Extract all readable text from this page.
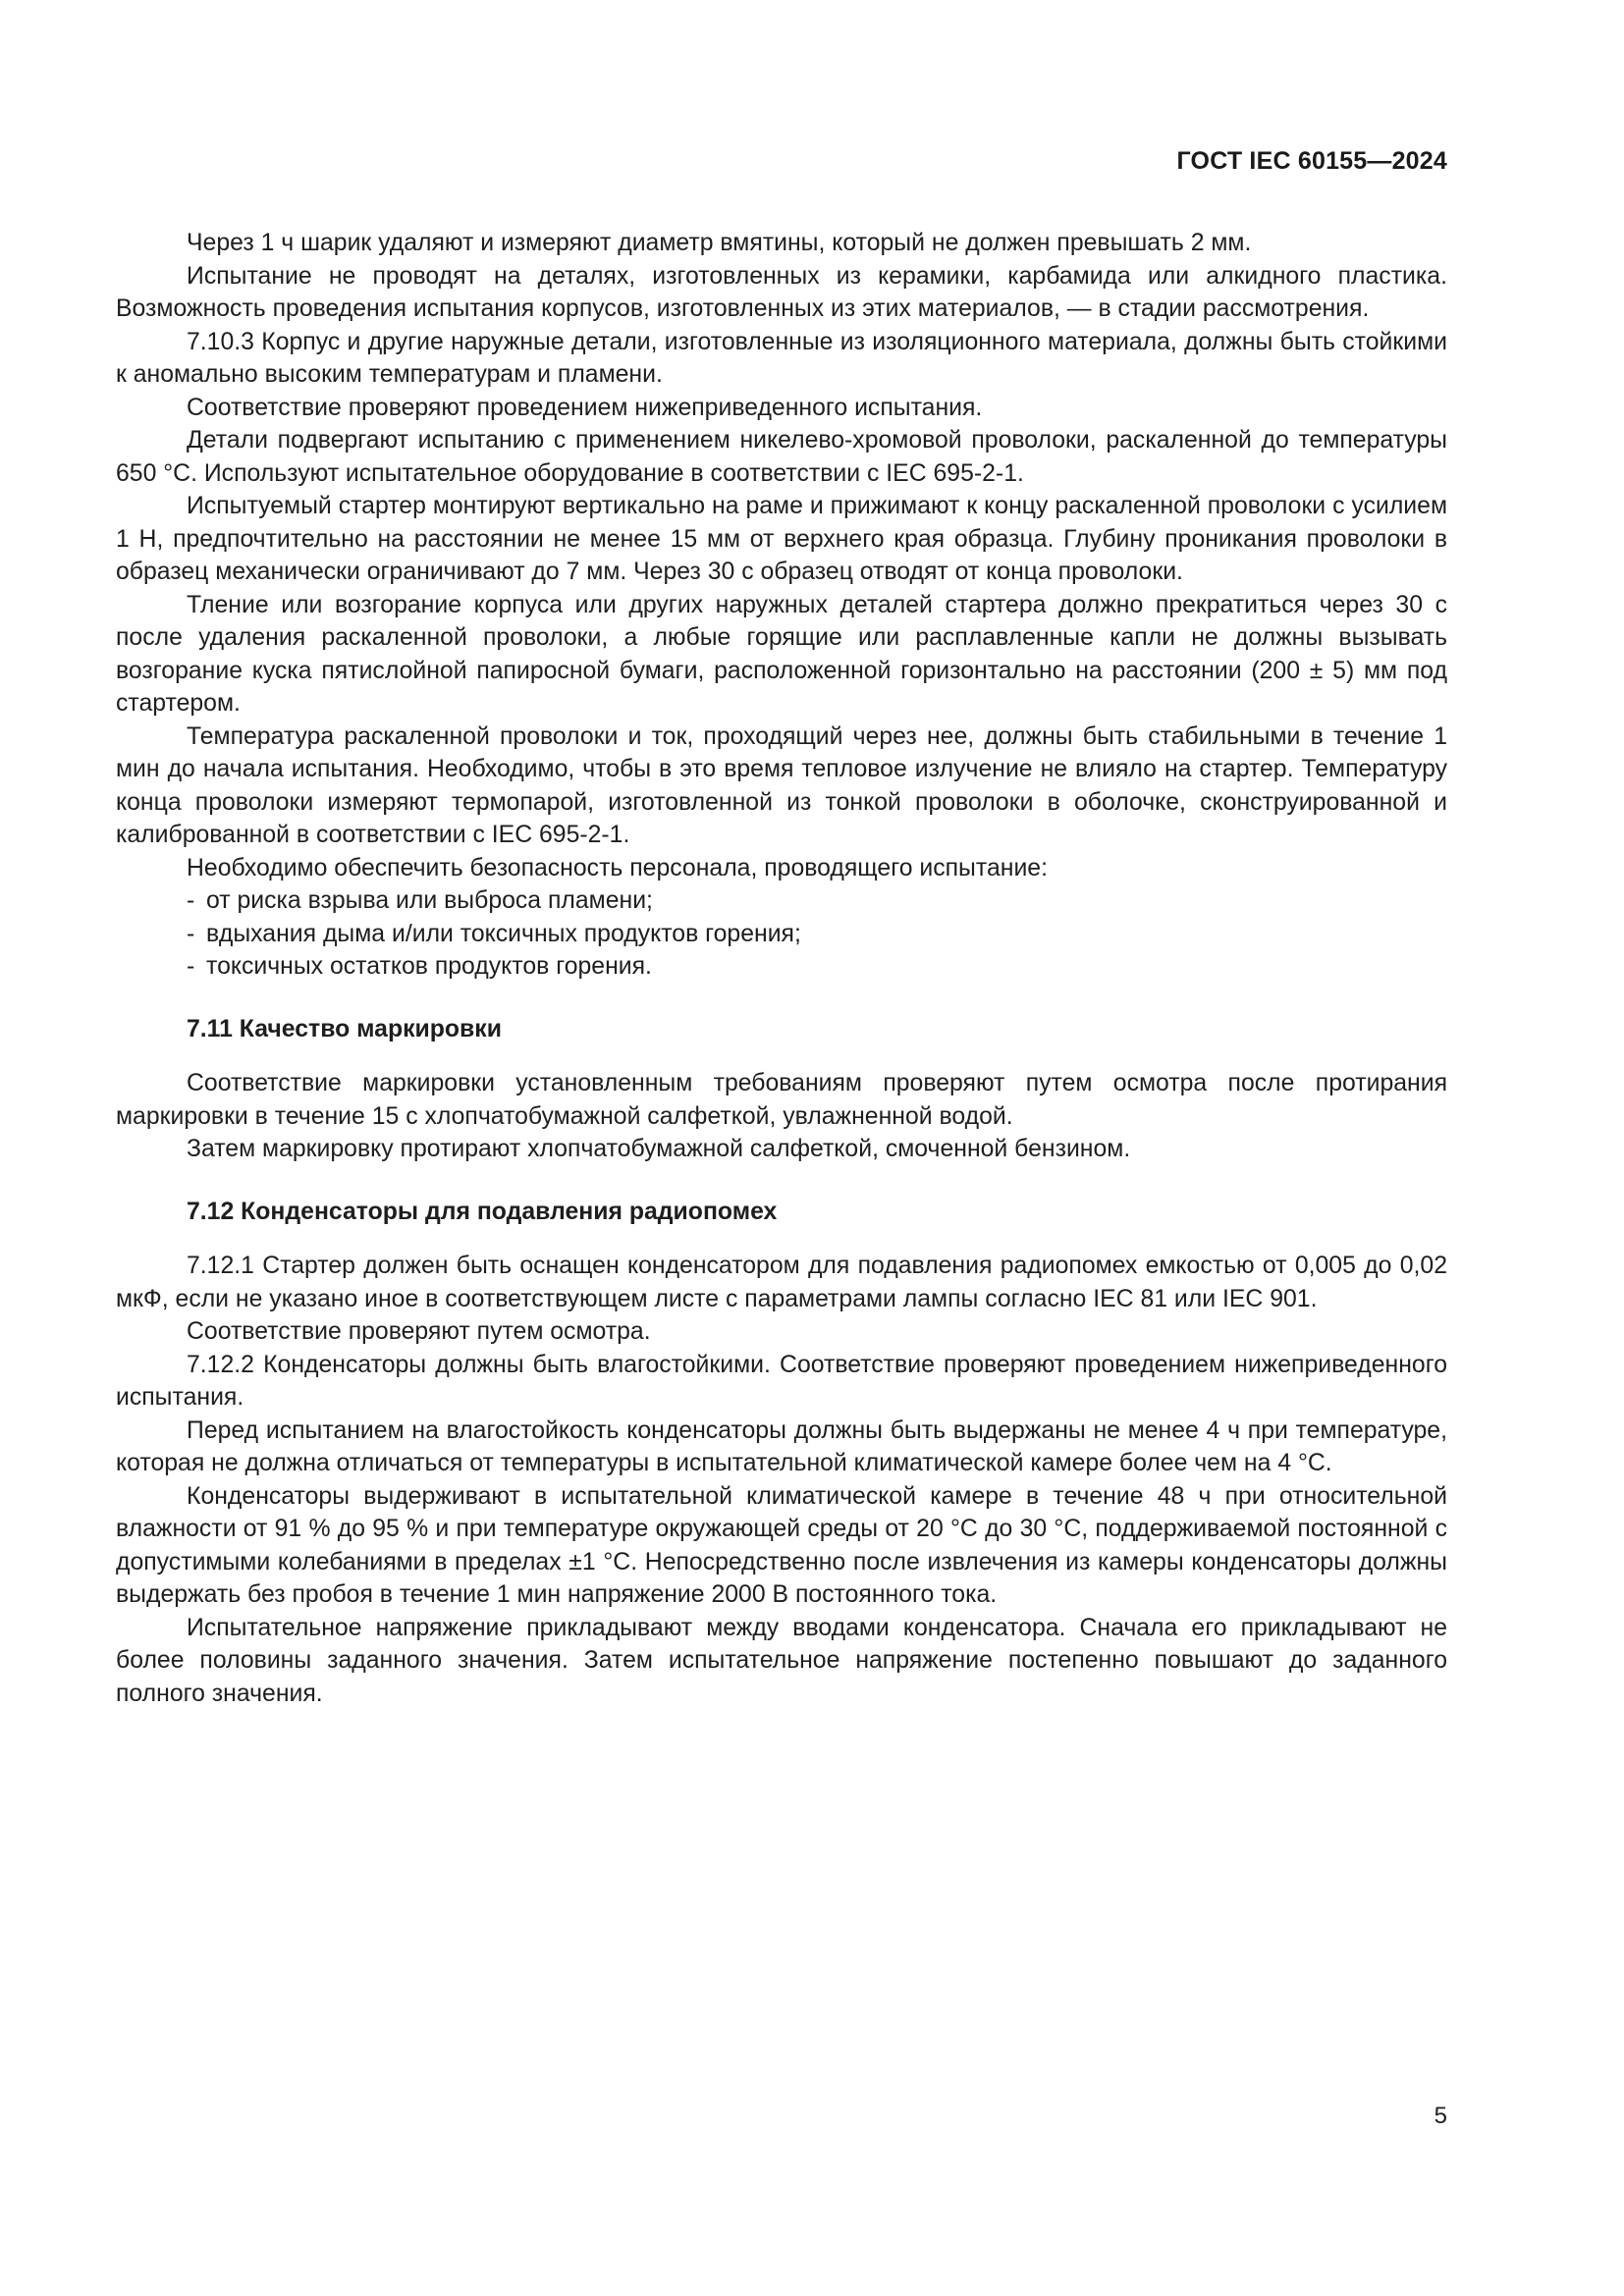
ГОСТ IEC 60155—2024

Через 1 ч шарик удаляют и измеряют диаметр вмятины, который не должен превышать 2 мм.

Испытание не проводят на деталях, изготовленных из керамики, карбамида или алкидного пластика. Возможность проведения испытания корпусов, изготовленных из этих материалов, — в стадии рассмотрения.

7.10.3 Корпус и другие наружные детали, изготовленные из изоляционного материала, должны быть стойкими к аномально высоким температурам и пламени.

Соответствие проверяют проведением нижеприведенного испытания.

Детали подвергают испытанию с применением никелево-хромовой проволоки, раскаленной до температуры 650 °С. Используют испытательное оборудование в соответствии с IEC 695-2-1.

Испытуемый стартер монтируют вертикально на раме и прижимают к концу раскаленной проволоки с усилием 1 Н, предпочтительно на расстоянии не менее 15 мм от верхнего края образца. Глубину проникания проволоки в образец механически ограничивают до 7 мм. Через 30 с образец отводят от конца проволоки.

Тление или возгорание корпуса или других наружных деталей стартера должно прекратиться через 30 с после удаления раскаленной проволоки, а любые горящие или расплавленные капли не должны вызывать возгорание куска пятислойной папиросной бумаги, расположенной горизонтально на расстоянии (200 ± 5) мм под стартером.

Температура раскаленной проволоки и ток, проходящий через нее, должны быть стабильными в течение 1 мин до начала испытания. Необходимо, чтобы в это время тепловое излучение не влияло на стартер. Температуру конца проволоки измеряют термопарой, изготовленной из тонкой проволоки в оболочке, сконструированной и калиброванной в соответствии с IEC 695-2-1.

Необходимо обеспечить безопасность персонала, проводящего испытание:

- от риска взрыва или выброса пламени;

- вдыхания дыма и/или токсичных продуктов горения;

- токсичных остатков продуктов горения.

7.11 Качество маркировки

Соответствие маркировки установленным требованиям проверяют путем осмотра после протирания маркировки в течение 15 с хлопчатобумажной салфеткой, увлажненной водой.

Затем маркировку протирают хлопчатобумажной салфеткой, смоченной бензином.

7.12 Конденсаторы для подавления радиопомех

7.12.1 Стартер должен быть оснащен конденсатором для подавления радиопомех емкостью от 0,005 до 0,02 мкФ, если не указано иное в соответствующем листе с параметрами лампы согласно IEC 81 или IEC 901.

Соответствие проверяют путем осмотра.

7.12.2 Конденсаторы должны быть влагостойкими. Соответствие проверяют проведением нижеприведенного испытания.

Перед испытанием на влагостойкость конденсаторы должны быть выдержаны не менее 4 ч при температуре, которая не должна отличаться от температуры в испытательной климатической камере более чем на 4 °С.

Конденсаторы выдерживают в испытательной климатической камере в течение 48 ч при относительной влажности от 91 % до 95 % и при температуре окружающей среды от 20 °С до 30 °С, поддерживаемой постоянной с допустимыми колебаниями в пределах ±1 °С. Непосредственно после извлечения из камеры конденсаторы должны выдержать без пробоя в течение 1 мин напряжение 2000 В постоянного тока.

Испытательное напряжение прикладывают между вводами конденсатора. Сначала его прикладывают не более половины заданного значения. Затем испытательное напряжение постепенно повышают до заданного полного значения.

5
